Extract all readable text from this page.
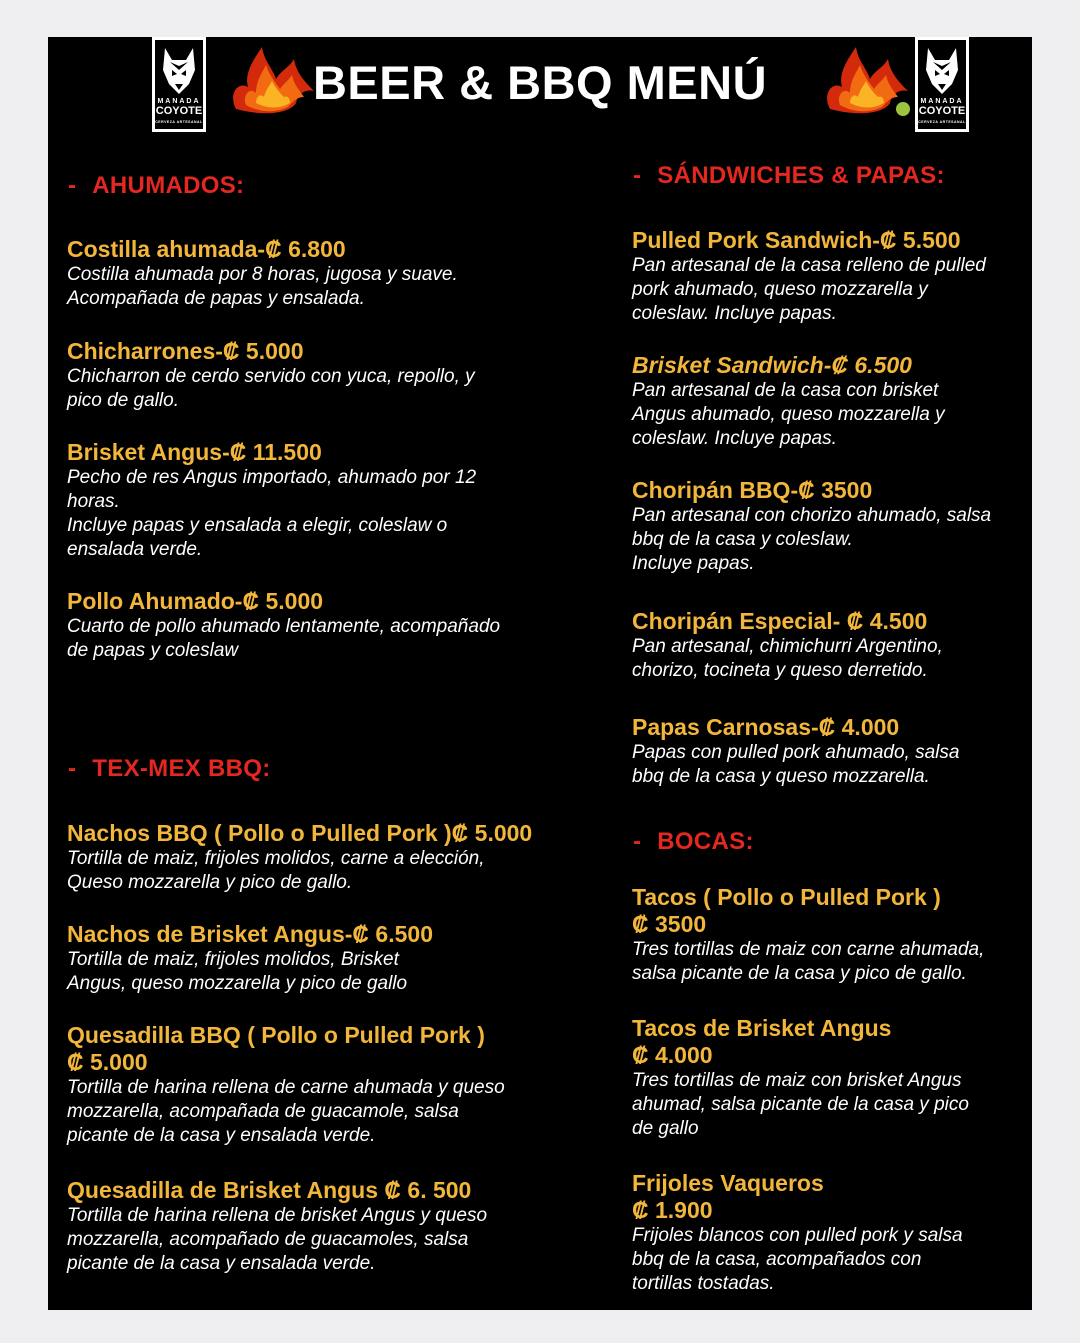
MANADA
COYOTE
CERVEZA ARTESANAL
BEER & BBQ MENÚ	MANADA
COYOTE
CERVEZA ARTESANAL
- AHUMADOS:
Costilla ahumada-₡ 6.800
Costilla ahumada por 8 horas, jugosa y suave.
Acompañada de papas y ensalada.
Chicharrones-₡ 5.000
Chicharron de cerdo servido con yuca, repollo, y
pico de gallo.
Brisket Angus-₡ 11.500
Pecho de res Angus importado, ahumado por 12
horas.
Incluye papas y ensalada a elegir, coleslaw o
ensalada verde.
Pollo Ahumado-₡ 5.000
Cuarto de pollo ahumado lentamente, acompañado
de papas y coleslaw
- TEX-MEX BBQ:
Nachos BBQ ( Pollo o Pulled Pork )₡ 5.000
Tortilla de maiz, frijoles molidos, carne a elección,
Queso mozzarella y pico de gallo.
Nachos de Brisket Angus-₡ 6.500
Tortilla de maiz, frijoles molidos, Brisket
Angus, queso mozzarella y pico de gallo
Quesadilla BBQ ( Pollo o Pulled Pork )
₡ 5.000
Tortilla de harina rellena de carne ahumada y queso
mozzarella, acompañada de guacamole, salsa
picante de la casa y ensalada verde.
Quesadilla de Brisket Angus ₡ 6. 500
Tortilla de harina rellena de brisket Angus y queso
mozzarella, acompañado de guacamoles, salsa
picante de la casa y ensalada verde.
- SÁNDWICHES & PAPAS:
Pulled Pork Sandwich-₡ 5.500
Pan artesanal de la casa relleno de pulled
pork ahumado, queso mozzarella y
coleslaw. Incluye papas.
Brisket Sandwich-₡ 6.500
Pan artesanal de la casa con brisket
Angus ahumado, queso mozzarella y
coleslaw. Incluye papas.
Choripán BBQ-₡ 3500
Pan artesanal con chorizo ahumado, salsa
bbq de la casa y coleslaw.
Incluye papas.
Choripán Especial- ₡ 4.500
Pan artesanal, chimichurri Argentino,
chorizo, tocineta y queso derretido.
Papas Carnosas-₡ 4.000
Papas con pulled pork ahumado, salsa
bbq de la casa y queso mozzarella.
- BOCAS:
Tacos ( Pollo o Pulled Pork )
₡ 3500
Tres tortillas de maiz con carne ahumada,
salsa picante de la casa y pico de gallo.
Tacos de Brisket Angus
₡ 4.000
Tres tortillas de maiz con brisket Angus
ahumad, salsa picante de la casa y pico
de gallo
Frijoles Vaqueros
₡ 1.900
Frijoles blancos con pulled pork y salsa
bbq de la casa, acompañados con
tortillas tostadas.
